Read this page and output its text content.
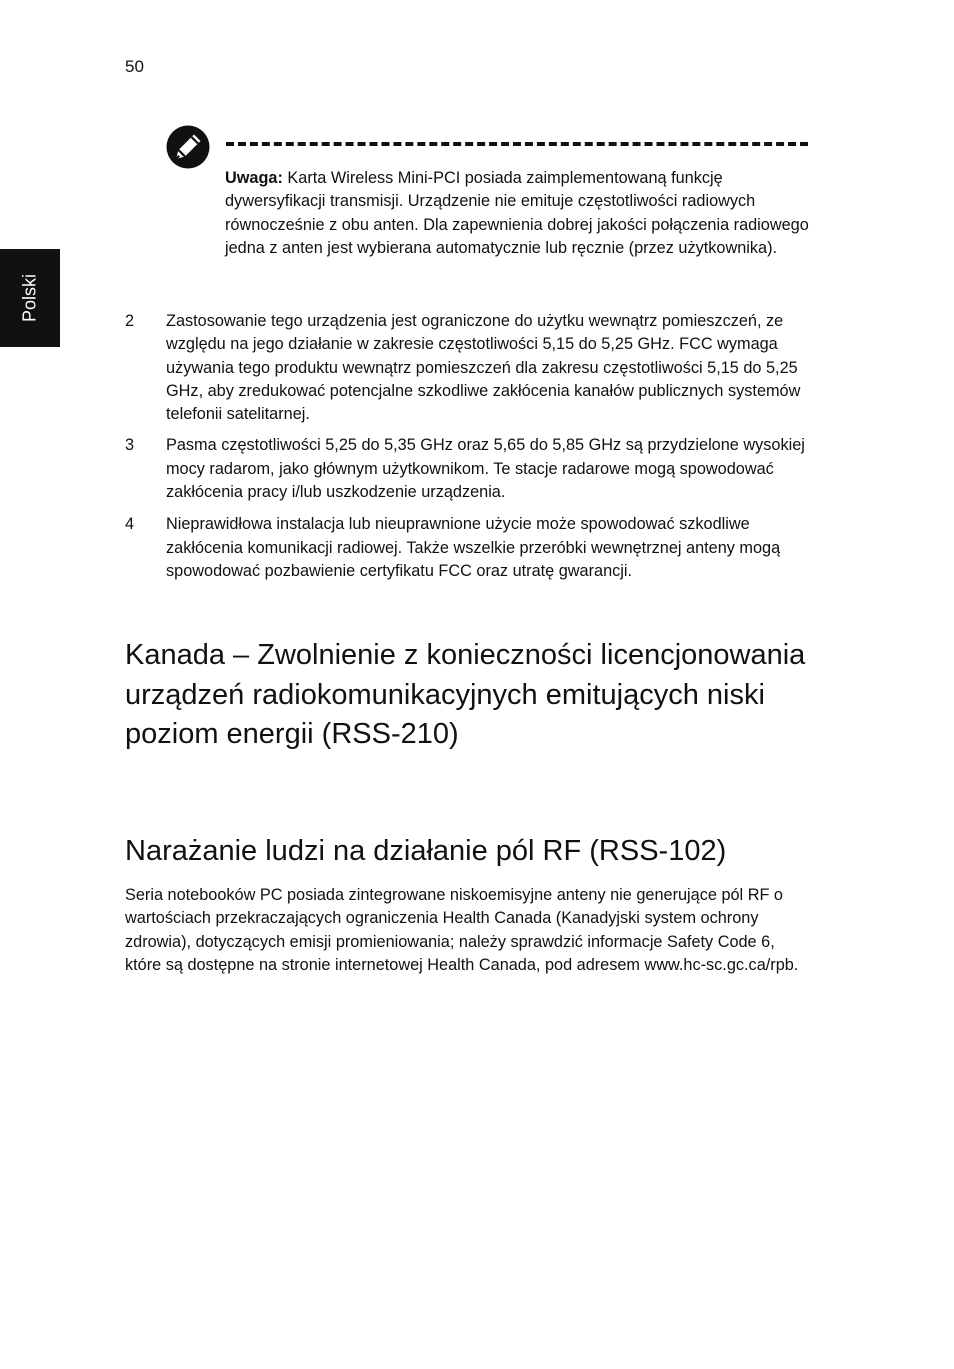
50
Polski
Uwaga: Karta Wireless Mini-PCI posiada zaimplementowaną funkcję dywersyfikacji transmisji. Urządzenie nie emituje częstotliwości radiowych równocześnie z obu anten. Dla zapewnienia dobrej jakości połączenia radiowego jedna z anten jest wybierana automatycznie lub ręcznie (przez użytkownika).
2 Zastosowanie tego urządzenia jest ograniczone do użytku wewnątrz pomieszczeń, ze względu na jego działanie w zakresie częstotliwości 5,15 do 5,25 GHz. FCC wymaga używania tego produktu wewnątrz pomieszczeń dla zakresu częstotliwości 5,15 do 5,25 GHz, aby zredukować potencjalne szkodliwe zakłócenia kanałów publicznych systemów telefonii satelitarnej.
3 Pasma częstotliwości 5,25 do 5,35 GHz oraz 5,65 do 5,85 GHz są przydzielone wysokiej mocy radarom, jako głównym użytkownikom. Te stacje radarowe mogą spowodować zakłócenia pracy i/lub uszkodzenie urządzenia.
4 Nieprawidłowa instalacja lub nieuprawnione użycie może spowodować szkodliwe zakłócenia komunikacji radiowej. Także wszelkie przeróbki wewnętrznej anteny mogą spowodować pozbawienie certyfikatu FCC oraz utratę gwarancji.
Kanada – Zwolnienie z konieczności licencjonowania urządzeń radiokomunikacyjnych emitujących niski poziom energii (RSS-210)
Narażanie ludzi na działanie pól RF (RSS-102)

Seria notebooków PC posiada zintegrowane niskoemisyjne anteny nie generujące pól RF o wartościach przekraczających ograniczenia Health Canada (Kanadyjski system ochrony zdrowia), dotyczących emisji promieniowania; należy sprawdzić informacje Safety Code 6, które są dostępne na stronie internetowej Health Canada, pod adresem www.hc-sc.gc.ca/rpb.
